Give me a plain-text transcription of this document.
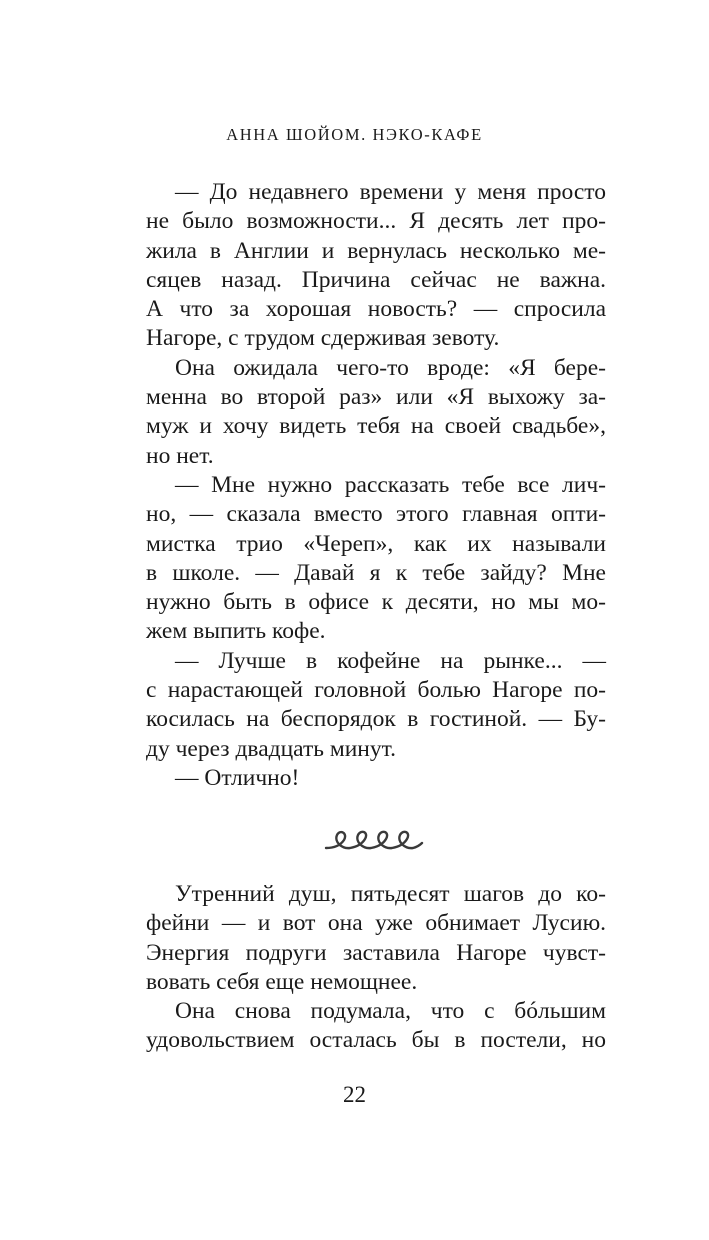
АННА ШОЙОМ. НЭКО-КАФЕ
— До недавнего времени у меня просто
не было возможности... Я десять лет про-
жила в Англии и вернулась несколько ме-
сяцев назад. Причина сейчас не важна.
А что за хорошая новость? — спросила
Нагоре, с трудом сдерживая зевоту.
Она ожидала чего-то вроде: «Я бере-
менна во второй раз» или «Я выхожу за-
муж и хочу видеть тебя на своей свадьбе»,
но нет.
— Мне нужно рассказать тебе все лич-
но, — сказала вместо этого главная опти-
мистка трио «Череп», как их называли
в школе. — Давай я к тебе зайду? Мне
нужно быть в офисе к десяти, но мы мо-
жем выпить кофе.
— Лучше в кофейне на рынке... —
с нарастающей головной болью Нагоре по-
косилась на беспорядок в гостиной. — Бу-
ду через двадцать минут.
— Отлично!
Утренний душ, пятьдесят шагов до ко-
фейни — и вот она уже обнимает Лусию.
Энергия подруги заставила Нагоре чувст-
вовать себя еще немощнее.
Она снова подумала, что с бóльшим
удовольствием осталась бы в постели, но
22
